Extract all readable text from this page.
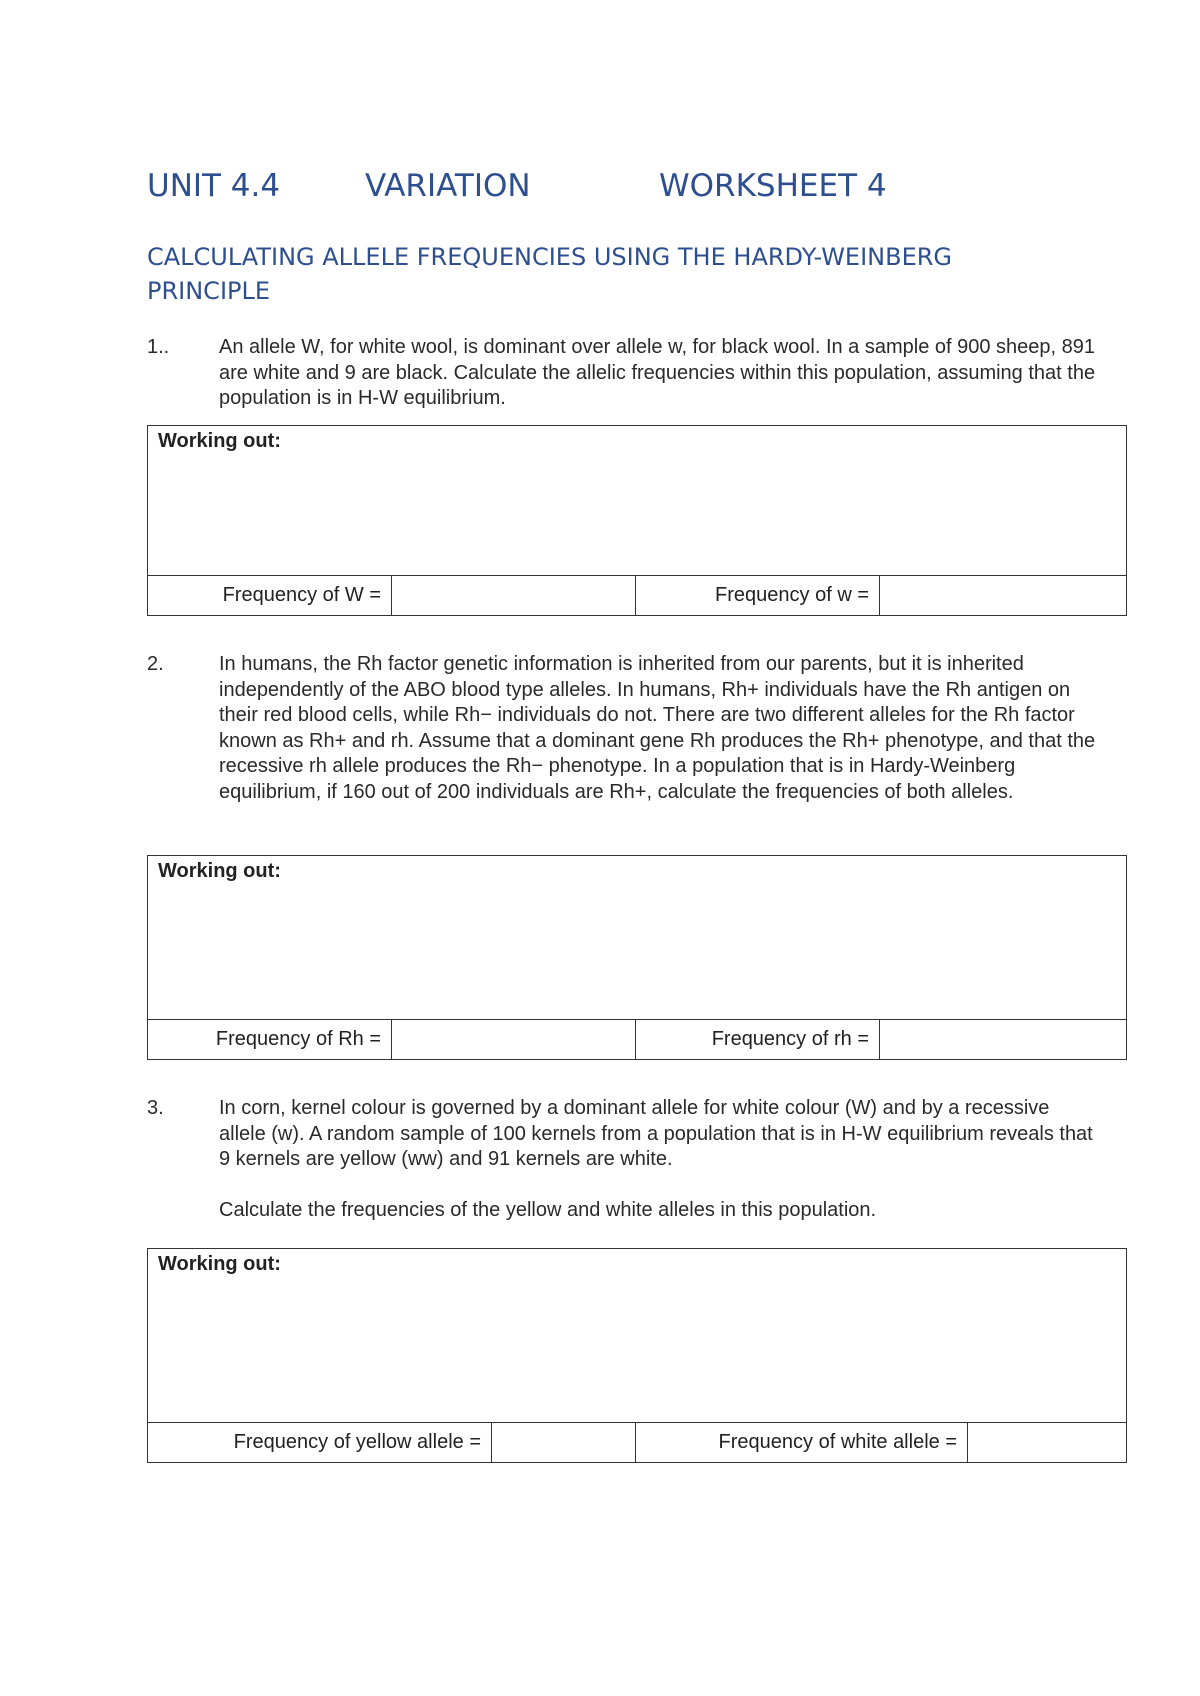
UNIT 4.4	VARIATION	WORKSHEET 4
CALCULATING ALLELE FREQUENCIES USING THE HARDY-WEINBERG PRINCIPLE
1.. An allele W, for white wool, is dominant over allele w, for black wool. In a sample of 900 sheep, 891 are white and 9 are black. Calculate the allelic frequencies within this population, assuming that the population is in H-W equilibrium.

Working out:
Frequency of W =	Frequency of w =
2.	In humans, the Rh factor genetic information is inherited from our parents, but it is inherited independently of the ABO blood type alleles. In humans, Rh+ individuals have the Rh antigen on their red blood cells, while Rh− individuals do not. There are two different alleles for the Rh factor known as Rh+ and rh. Assume that a dominant gene Rh produces the Rh+ phenotype, and that the recessive rh allele produces the Rh− phenotype. In a population that is in Hardy-Weinberg equilibrium, if 160 out of 200 individuals are Rh+, calculate the frequencies of both alleles.

Working out:
Frequency of Rh =	Frequency of rh =
3.	In corn, kernel colour is governed by a dominant allele for white colour (W) and by a recessive allele (w). A random sample of 100 kernels from a population that is in H-W equilibrium reveals that 9 kernels are yellow (ww) and 91 kernels are white.

Calculate the frequencies of the yellow and white alleles in this population.

Working out:
Frequency of yellow allele =	Frequency of white allele =
